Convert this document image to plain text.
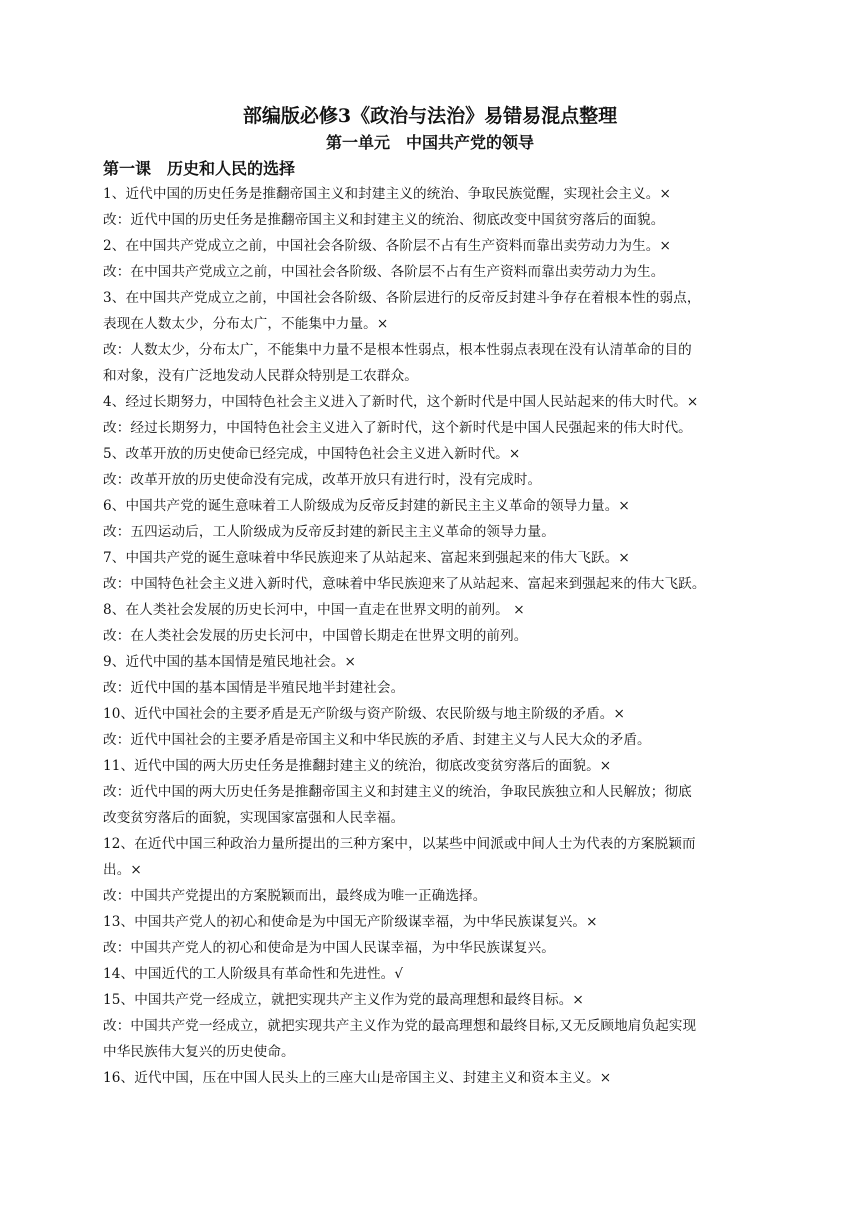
部编版必修3《政治与法治》易错易混点整理
第一单元　中国共产党的领导
第一课　历史和人民的选择
1、近代中国的历史任务是推翻帝国主义和封建主义的统治、争取民族觉醒，实现社会主义。×
改：近代中国的历史任务是推翻帝国主义和封建主义的统治、彻底改变中国贫穷落后的面貌。
2、在中国共产党成立之前，中国社会各阶级、各阶层不占有生产资料而靠出卖劳动力为生。×
改：在中国共产党成立之前，中国社会各阶级、各阶层不占有生产资料而靠出卖劳动力为生。
3、在中国共产党成立之前，中国社会各阶级、各阶层进行的反帝反封建斗争存在着根本性的弱点，
表现在人数太少，分布太广，不能集中力量。×
改：人数太少，分布太广，不能集中力量不是根本性弱点，根本性弱点表现在没有认清革命的目的
和对象，没有广泛地发动人民群众特别是工农群众。
4、经过长期努力，中国特色社会主义进入了新时代，这个新时代是中国人民站起来的伟大时代。×
改：经过长期努力，中国特色社会主义进入了新时代，这个新时代是中国人民强起来的伟大时代。
5、改革开放的历史使命已经完成，中国特色社会主义进入新时代。×
改：改革开放的历史使命没有完成，改革开放只有进行时，没有完成时。
6、中国共产党的诞生意味着工人阶级成为反帝反封建的新民主主义革命的领导力量。×
改：五四运动后，工人阶级成为反帝反封建的新民主主义革命的领导力量。
7、中国共产党的诞生意味着中华民族迎来了从站起来、富起来到强起来的伟大飞跃。×
改：中国特色社会主义进入新时代，意味着中华民族迎来了从站起来、富起来到强起来的伟大飞跃。
8、在人类社会发展的历史长河中，中国一直走在世界文明的前列。 ×
改：在人类社会发展的历史长河中，中国曾长期走在世界文明的前列。
9、近代中国的基本国情是殖民地社会。×
改：近代中国的基本国情是半殖民地半封建社会。
10、近代中国社会的主要矛盾是无产阶级与资产阶级、农民阶级与地主阶级的矛盾。×
改：近代中国社会的主要矛盾是帝国主义和中华民族的矛盾、封建主义与人民大众的矛盾。
11、近代中国的两大历史任务是推翻封建主义的统治，彻底改变贫穷落后的面貌。×
改：近代中国的两大历史任务是推翻帝国主义和封建主义的统治，争取民族独立和人民解放；彻底
改变贫穷落后的面貌，实现国家富强和人民幸福。
12、在近代中国三种政治力量所提出的三种方案中，以某些中间派或中间人士为代表的方案脱颖而
出。×
改：中国共产党提出的方案脱颖而出，最终成为唯一正确选择。
13、中国共产党人的初心和使命是为中国无产阶级谋幸福，为中华民族谋复兴。×
改：中国共产党人的初心和使命是为中国人民谋幸福，为中华民族谋复兴。
14、中国近代的工人阶级具有革命性和先进性。√
15、中国共产党一经成立，就把实现共产主义作为党的最高理想和最终目标。×
改：中国共产党一经成立，就把实现共产主义作为党的最高理想和最终目标,又无反顾地肩负起实现
中华民族伟大复兴的历史使命。
16、近代中国，压在中国人民头上的三座大山是帝国主义、封建主义和资本主义。×
